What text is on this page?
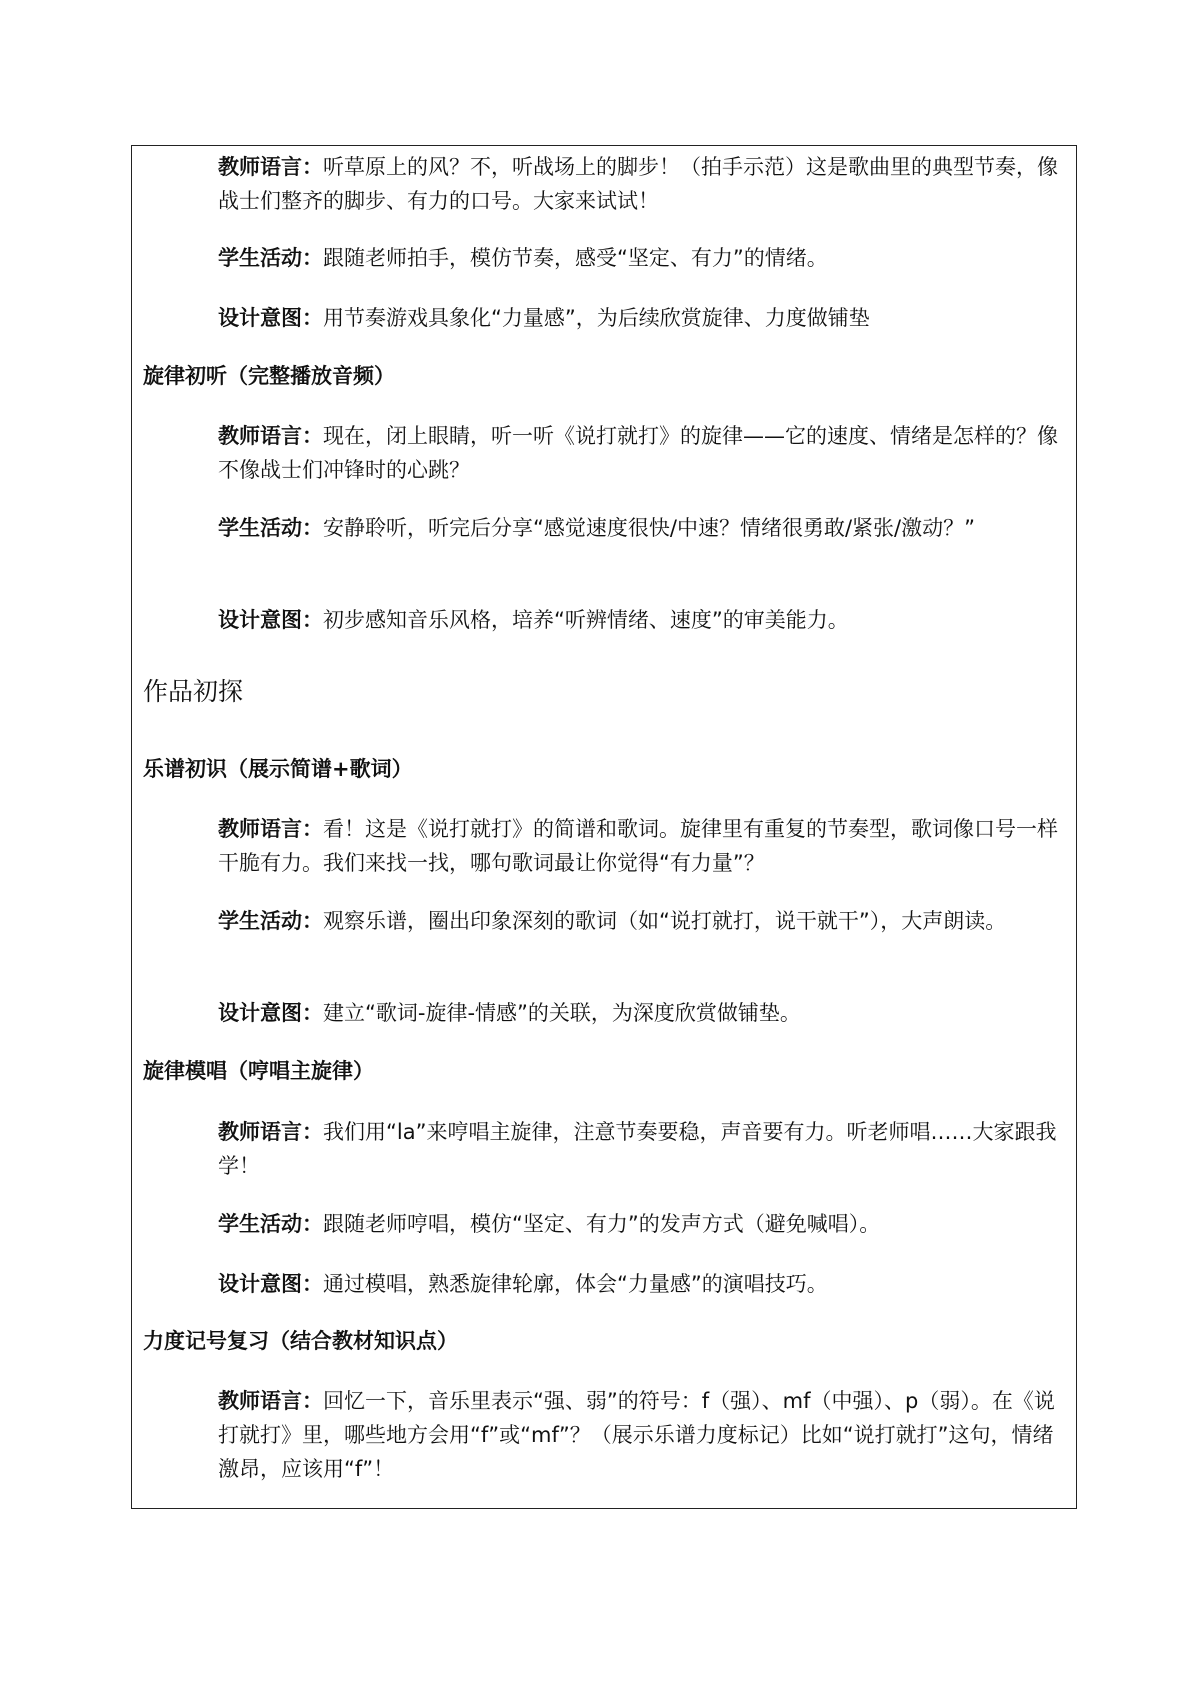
教师语言：听草原上的风？不，听战场上的脚步！（拍手示范）这是歌曲里的典型节奏，像战士们整齐的脚步、有力的口号。大家来试试！

学生活动：跟随老师拍手，模仿节奏，感受“坚定、有力”的情绪。

设计意图：用节奏游戏具象化“力量感”，为后续欣赏旋律、力度做铺垫

旋律初听（完整播放音频）

教师语言：现在，闭上眼睛，听一听《说打就打》的旋律——它的速度、情绪是怎样的？像不像战士们冲锋时的心跳？

学生活动：安静聆听，听完后分享“感觉速度很快/中速？情绪很勇敢/紧张/激动？”

设计意图：初步感知音乐风格，培养“听辨情绪、速度”的审美能力。

作品初探
乐谱初识（展示简谱+歌词）

教师语言：看！这是《说打就打》的简谱和歌词。旋律里有重复的节奏型，歌词像口号一样干脆有力。我们来找一找，哪句歌词最让你觉得“有力量”？

学生活动：观察乐谱，圈出印象深刻的歌词（如“说打就打，说干就干”），大声朗读。

设计意图：建立“歌词-旋律-情感”的关联，为深度欣赏做铺垫。

旋律模唱（哼唱主旋律）

教师语言：我们用“la”来哼唱主旋律，注意节奏要稳，声音要有力。听老师唱……大家跟我学！

学生活动：跟随老师哼唱，模仿“坚定、有力”的发声方式（避免喊唱）。

设计意图：通过模唱，熟悉旋律轮廓，体会“力量感”的演唱技巧。

力度记号复习（结合教材知识点）

教师语言：回忆一下，音乐里表示“强、弱”的符号：f（强）、mf（中强）、p（弱）。在《说打就打》里，哪些地方会用“f”或“mf”？（展示乐谱力度标记）比如“说打就打”这句，情绪激昂，应该用“f”！
